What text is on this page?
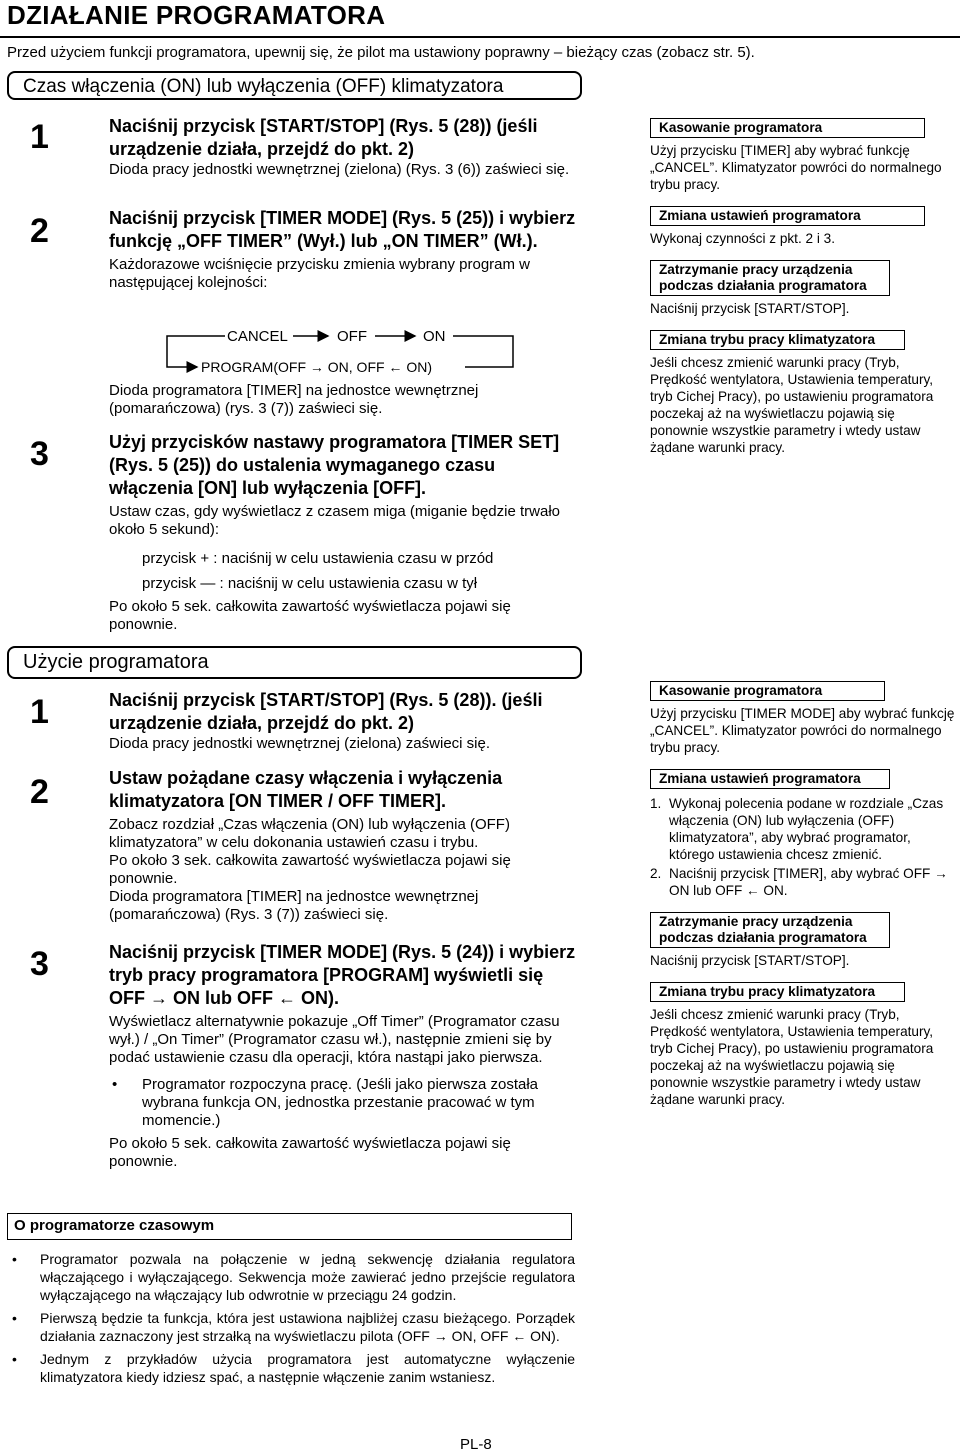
DZIAŁANIE PROGRAMATORA
Przed użyciem funkcji programatora, upewnij się, że pilot ma ustawiony poprawny – bieżący czas (zobacz str. 5).
Czas włączenia (ON) lub wyłączenia (OFF) klimatyzatora
1	Naciśnij przycisk [START/STOP] (Rys. 5 (28)) (jeśli urządzenie działa, przejdź do pkt. 2)

Dioda pracy jednostki wewnętrznej (zielona) (Rys. 3 (6)) zaświeci się.

2	Naciśnij przycisk [TIMER MODE] (Rys. 5 (25)) i wybierz funkcję „OFF TIMER” (Wył.) lub „ON TIMER” (Wł.).

Każdorazowe wciśnięcie przycisku zmienia wybrany program w następującej kolejności:

CANCEL	OFF	ON
PROGRAM(OFF → ON, OFF ← ON)

Dioda programatora [TIMER] na jednostce wewnętrznej (pomarańczowa) (rys. 3 (7)) zaświeci się.

3	Użyj przycisków nastawy programatora [TIMER SET] (Rys. 5 (25)) do ustalenia wymaganego czasu włączenia [ON] lub wyłączenia [OFF].

Ustaw czas, gdy wyświetlacz z czasem miga (miganie będzie trwało około 5 sekund):

przycisk + : naciśnij w celu ustawienia czasu w przód

przycisk — : naciśnij w celu ustawienia czasu w tył

Po około 5 sek. całkowita zawartość wyświetlacza pojawi się ponownie.

Kasowanie programatora

Użyj przycisku [TIMER] aby wybrać funkcję „CANCEL”. Klimatyzator powróci do normalnego trybu pracy.

Zmiana ustawień programatora

Wykonaj czynności z pkt. 2 i 3.

Zatrzymanie pracy urządzenia podczas działania programatora

Naciśnij przycisk [START/STOP].

Zmiana trybu pracy klimatyzatora

Jeśli chcesz zmienić warunki pracy (Tryb, Prędkość wentylatora, Ustawienia temperatury, tryb Cichej Pracy), po ustawieniu programatora poczekaj aż na wyświetlaczu pojawią się ponownie wszystkie parametry i wtedy ustaw żądane warunki pracy.

Użycie programatora
1	Naciśnij przycisk [START/STOP] (Rys. 5 (28)). (jeśli urządzenie działa, przejdź do pkt. 2)

Dioda pracy jednostki wewnętrznej (zielona) zaświeci się.

2	Ustaw pożądane czasy włączenia i wyłączenia klimatyzatora [ON TIMER / OFF TIMER].

Zobacz rozdział „Czas włączenia (ON) lub wyłączenia (OFF) klimatyzatora” w celu dokonania ustawień czasu i trybu.

Po około 3 sek. całkowita zawartość wyświetlacza pojawi się ponownie.

Dioda programatora [TIMER] na jednostce wewnętrznej (pomarańczowa) (Rys. 3 (7)) zaświeci się.

3	Naciśnij przycisk [TIMER MODE] (Rys. 5 (24)) i wybierz tryb pracy programatora [PROGRAM] wyświetli się OFF → ON lub OFF ← ON).

Wyświetlacz alternatywnie pokazuje „Off Timer” (Programator czasu wył.) / „On Timer” (Programator czasu wł.), następnie zmieni się by podać ustawienie czasu dla operacji, która nastąpi jako pierwsza.

• Programator rozpoczyna pracę. (Jeśli jako pierwsza została wybrana funkcja ON, jednostka przestanie pracować w tym momencie.)

Po około 5 sek. całkowita zawartość wyświetlacza pojawi się ponownie.

Kasowanie programatora

Użyj przycisku [TIMER MODE] aby wybrać funkcję „CANCEL”. Klimatyzator powróci do normalnego trybu pracy.

Zmiana ustawień programatora
1. Wykonaj polecenia podane w rozdziale „Czas włączenia (ON) lub wyłączenia (OFF) klimatyzatora”, aby wybrać programator, którego ustawienia chcesz zmienić.
2. Naciśnij przycisk [TIMER], aby wybrać OFF → ON lub OFF ← ON.
Zatrzymanie pracy urządzenia podczas działania programatora

Naciśnij przycisk [START/STOP].

Zmiana trybu pracy klimatyzatora

Jeśli chcesz zmienić warunki pracy (Tryb, Prędkość wentylatora, Ustawienia temperatury, tryb Cichej Pracy), po ustawieniu programatora poczekaj aż na wyświetlaczu pojawią się ponownie wszystkie parametry i wtedy ustaw żądane warunki pracy.

O programatorze czasowym
• Programator pozwala na połączenie w jedną sekwencję działania regulatora włączającego i wyłączającego. Sekwencja może zawierać jedno przejście regulatora wyłączającego na włączający lub odwrotnie w przeciągu 24 godzin.
• Pierwszą będzie ta funkcja, która jest ustawiona najbliżej czasu bieżącego. Porządek działania zaznaczony jest strzałką na wyświetlaczu pilota (OFF → ON, OFF ← ON).
• Jednym z przykładów użycia programatora jest automatyczne wyłączenie klimatyzatora kiedy idziesz spać, a następnie włączenie zanim wstaniesz.
PL-8
